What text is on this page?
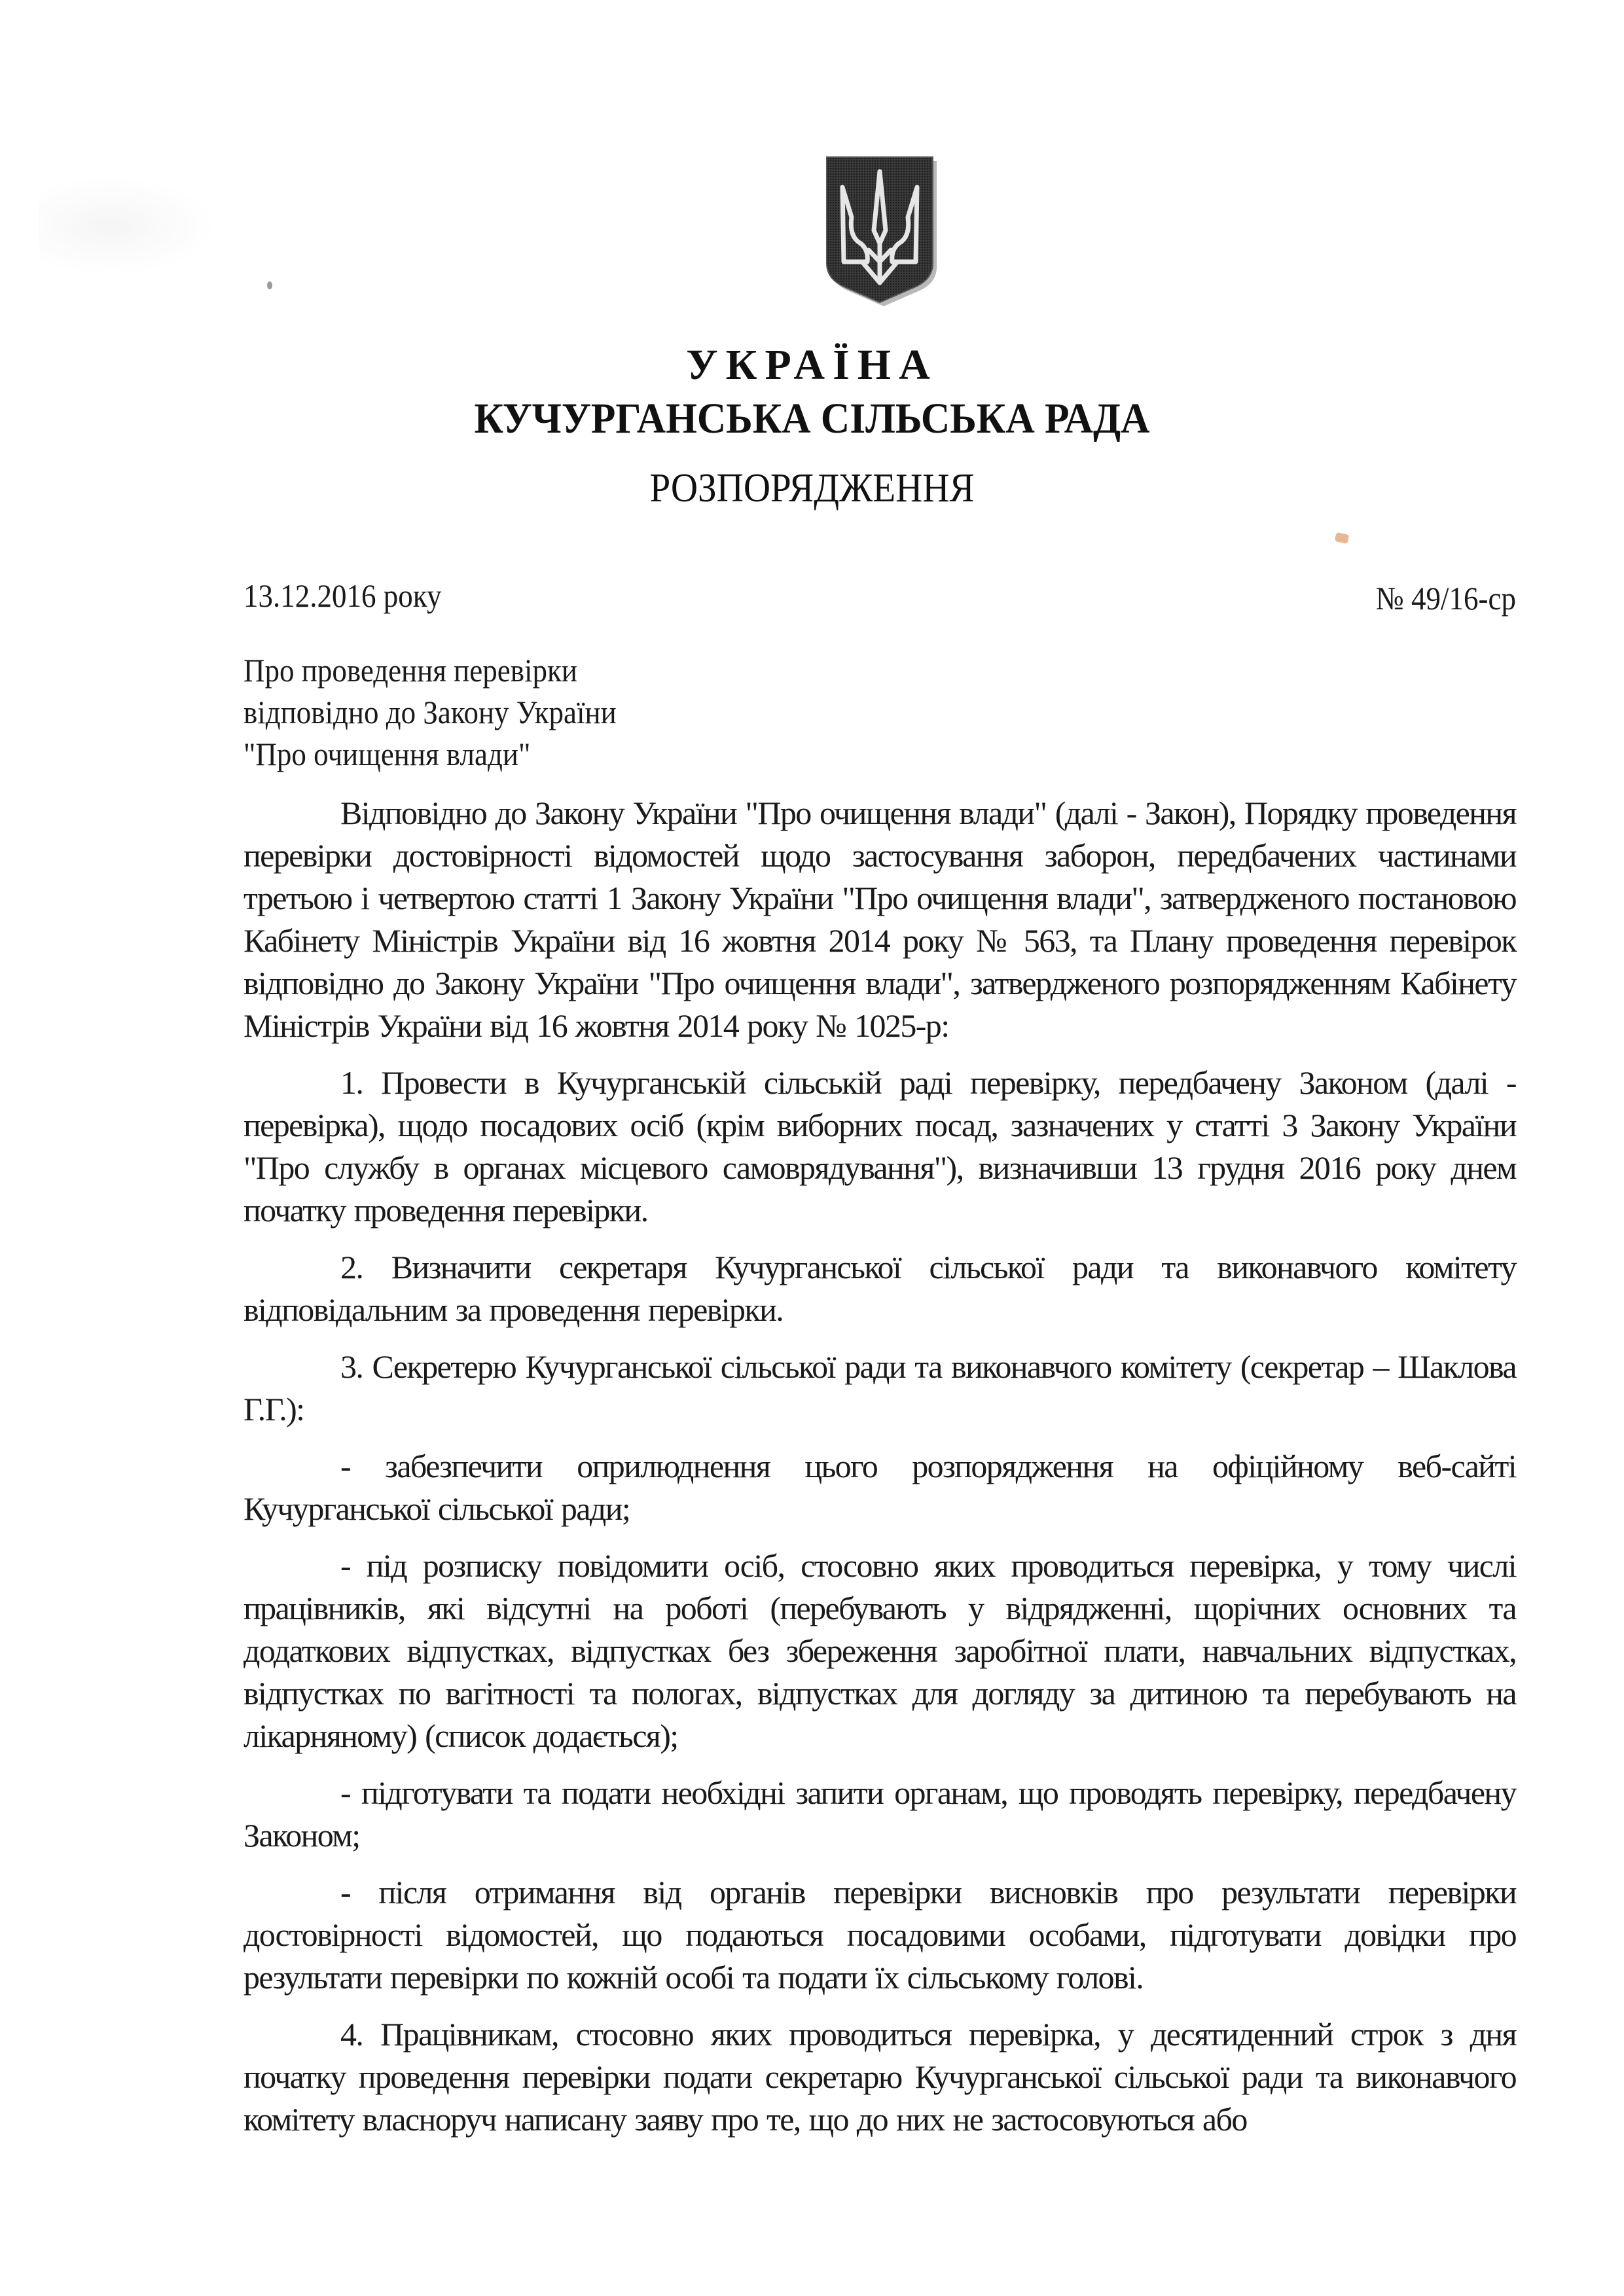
УКРАЇНА
КУЧУРГАНСЬКА СІЛЬСЬКА РАДА
РОЗПОРЯДЖЕННЯ
13.12.2016 року	№ 49/16-ср
Про проведення перевірки
відповідно до Закону України
"Про очищення влади"

Відповідно до Закону України "Про очищення влади" (далі - Закон), Порядку проведення перевірки достовірності відомостей щодо застосування заборон, передбачених частинами третьою і четвертою статті 1 Закону України "Про очищення влади", затвердженого постановою Кабінету Міністрів України від 16 жовтня 2014 року № 563, та Плану проведення перевірок відповідно до Закону України "Про очищення влади", затвердженого розпорядженням Кабінету Міністрів України від 16 жовтня 2014 року № 1025-р:

1. Провести в Кучурганській сільській раді перевірку, передбачену Законом (далі - перевірка), щодо посадових осіб (крім виборних посад, зазначених у статті 3 Закону України "Про службу в органах місцевого самоврядування"), визначивши 13 грудня 2016 року днем початку проведення перевірки.

2. Визначити секретаря Кучурганської сільської ради та виконавчого комітету відповідальним за проведення перевірки.

3. Секретерю Кучурганської сільської ради та виконавчого комітету (секретар – Шаклова Г.Г.):

- забезпечити оприлюднення цього розпорядження на офіційному веб-сайті Кучурганської сільської ради;

- під розписку повідомити осіб, стосовно яких проводиться перевірка, у тому числі працівників, які відсутні на роботі (перебувають у відрядженні, щорічних основних та додаткових відпустках, відпустках без збереження заробітної плати, навчальних відпустках, відпустках по вагітності та пологах, відпустках для догляду за дитиною та перебувають на лікарняному) (список додається);

- підготувати та подати необхідні запити органам, що проводять перевірку, передбачену Законом;

- після отримання від органів перевірки висновків про результати перевірки достовірності відомостей, що подаються посадовими особами, підготувати довідки про результати перевірки по кожній особі та подати їх сільському голові.

4. Працівникам, стосовно яких проводиться перевірка, у десятиденний строк з дня початку проведення перевірки подати секретарю Кучурганської сільської ради та виконавчого комітету власноруч написану заяву про те, що до них не застосовуються або
